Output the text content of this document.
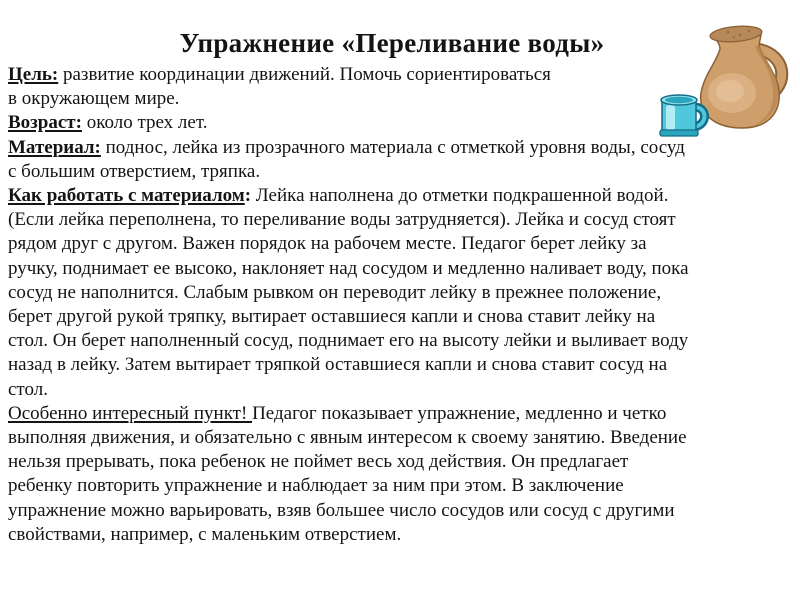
Упражнение «Переливание воды»
Цель: развитие координации движений. Помочь сориентироваться
в окружающем мире.
Возраст: около трех лет.
Материал: поднос, лейка из прозрачного материала с отметкой уровня воды, сосуд
с большим отверстием, тряпка.
Как работать с материалом: Лейка наполнена до отметки подкрашенной водой.
(Если лейка переполнена, то переливание воды затрудняется). Лейка и сосуд стоят
рядом друг с другом. Важен порядок на рабочем месте. Педагог берет лейку за
ручку, поднимает ее высоко, наклоняет над сосудом и медленно наливает воду, пока
сосуд не наполнится. Слабым рывком он переводит лейку в прежнее положение,
берет другой рукой тряпку, вытирает оставшиеся капли и снова ставит лейку на
стол. Он берет наполненный сосуд, поднимает его на высоту лейки и выливает воду
назад в лейку. Затем вытирает тряпкой оставшиеся капли и снова ставит сосуд на
стол.
Особенно интересный пункт! Педагог показывает упражнение, медленно и четко
выполняя движения, и обязательно с явным интересом к своему занятию. Введение
нельзя прерывать, пока ребенок не поймет весь ход действия. Он предлагает
ребенку повторить упражнение и наблюдает за ним при этом. В заключение
упражнение можно варьировать, взяв большее число сосудов или сосуд с другими
свойствами, например, с маленьким отверстием.
